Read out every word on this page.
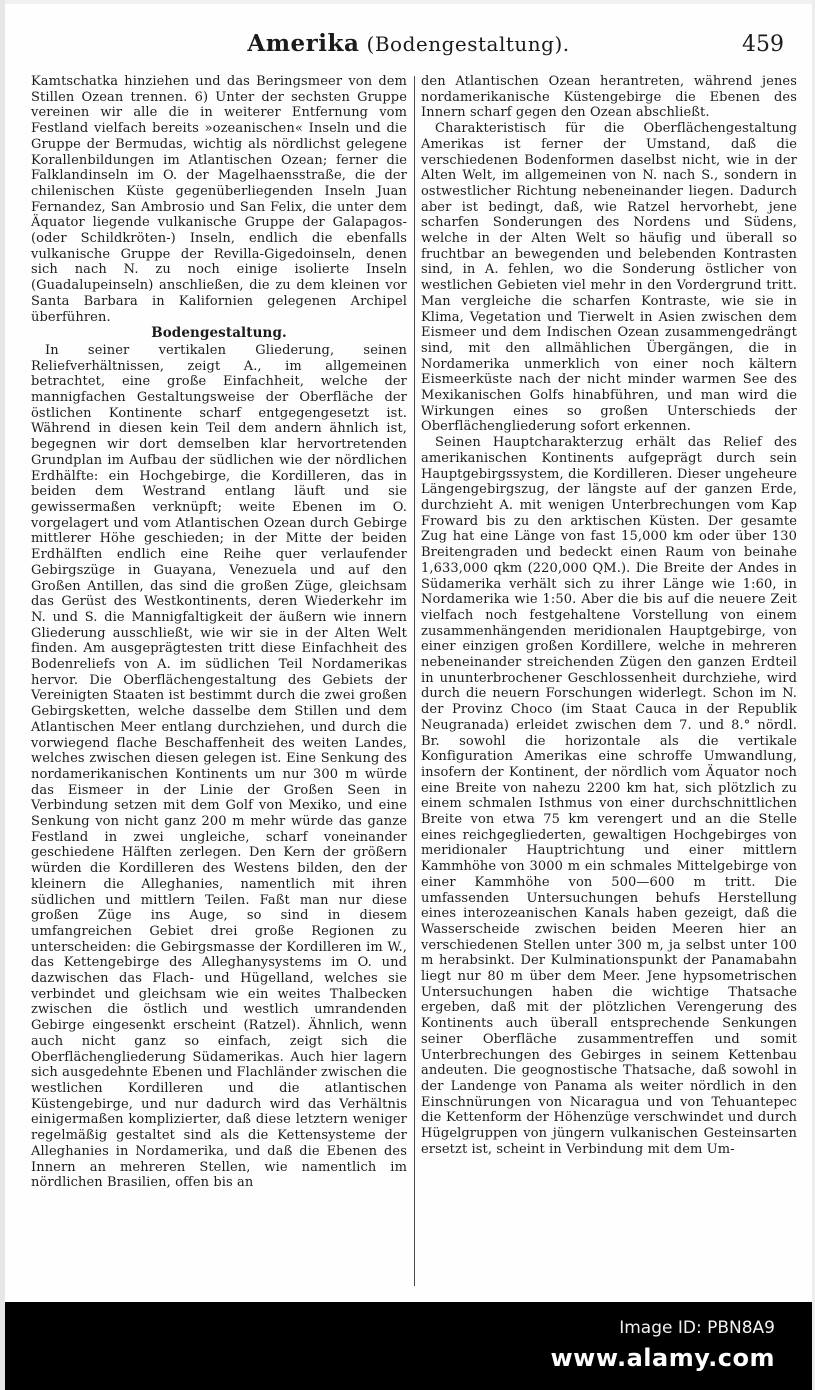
Amerika (Bodengestaltung).	459

Kamtschatka hinziehen und das Beringsmeer von dem Stillen Ozean trennen. 6) Unter der sechsten Gruppe vereinen wir alle die in weiterer Entfernung vom Festland vielfach bereits »ozeanischen« Inseln und die Gruppe der Bermudas, wichtig als nördlichst gelegene Korallenbildungen im Atlantischen Ozean; ferner die Falklandinseln im O. der Magelhaensstraße, die der chilenischen Küste gegenüberliegenden Inseln Juan Fernandez, San Ambrosio und San Felix, die unter dem Äquator liegende vulkanische Gruppe der Galapagos- (oder Schildkröten-) Inseln, endlich die ebenfalls vulkanische Gruppe der Revilla-Gigedoinseln, denen sich nach N. zu noch einige isolierte Inseln (Guadalupeinseln) anschließen, die zu dem kleinen vor Santa Barbara in Kalifornien gelegenen Archipel überführen.

Bodengestaltung.

In seiner vertikalen Gliederung, seinen Reliefverhältnissen, zeigt A., im allgemeinen betrachtet, eine große Einfachheit, welche der mannigfachen Gestaltungsweise der Oberfläche der östlichen Kontinente scharf entgegengesetzt ist. Während in diesen kein Teil dem andern ähnlich ist, begegnen wir dort demselben klar hervortretenden Grundplan im Aufbau der südlichen wie der nördlichen Erdhälfte: ein Hochgebirge, die Kordilleren, das in beiden dem Westrand entlang läuft und sie gewissermaßen verknüpft; weite Ebenen im O. vorgelagert und vom Atlantischen Ozean durch Gebirge mittlerer Höhe geschieden; in der Mitte der beiden Erdhälften endlich eine Reihe quer verlaufender Gebirgszüge in Guayana, Venezuela und auf den Großen Antillen, das sind die großen Züge, gleichsam das Gerüst des Westkontinents, deren Wiederkehr im N. und S. die Mannigfaltigkeit der äußern wie innern Gliederung ausschließt, wie wir sie in der Alten Welt finden. Am ausgeprägtesten tritt diese Einfachheit des Bodenreliefs von A. im südlichen Teil Nordamerikas hervor. Die Oberflächengestaltung des Gebiets der Vereinigten Staaten ist bestimmt durch die zwei großen Gebirgsketten, welche dasselbe dem Stillen und dem Atlantischen Meer entlang durchziehen, und durch die vorwiegend flache Beschaffenheit des weiten Landes, welches zwischen diesen gelegen ist. Eine Senkung des nordamerikanischen Kontinents um nur 300 m würde das Eismeer in der Linie der Großen Seen in Verbindung setzen mit dem Golf von Mexiko, und eine Senkung von nicht ganz 200 m mehr würde das ganze Festland in zwei ungleiche, scharf voneinander geschiedene Hälften zerlegen. Den Kern der größern würden die Kordilleren des Westens bilden, den der kleinern die Alleghanies, namentlich mit ihren südlichen und mittlern Teilen. Faßt man nur diese großen Züge ins Auge, so sind in diesem umfangreichen Gebiet drei große Regionen zu unterscheiden: die Gebirgsmasse der Kordilleren im W., das Kettengebirge des Alleghanysystems im O. und dazwischen das Flach- und Hügelland, welches sie verbindet und gleichsam wie ein weites Thalbecken zwischen die östlich und westlich umrandenden Gebirge eingesenkt erscheint (Ratzel). Ähnlich, wenn auch nicht ganz so einfach, zeigt sich die Oberflächengliederung Südamerikas. Auch hier lagern sich ausgedehnte Ebenen und Flachländer zwischen die westlichen Kordilleren und die atlantischen Küstengebirge, und nur dadurch wird das Verhältnis einigermaßen komplizierter, daß diese letztern weniger regelmäßig gestaltet sind als die Kettensysteme der Alleghanies in Nordamerika, und daß die Ebenen des Innern an mehreren Stellen, wie namentlich im nördlichen Brasilien, offen bis an

den Atlantischen Ozean herantreten, während jenes nordamerikanische Küstengebirge die Ebenen des Innern scharf gegen den Ozean abschließt.

Charakteristisch für die Oberflächengestaltung Amerikas ist ferner der Umstand, daß die verschiedenen Bodenformen daselbst nicht, wie in der Alten Welt, im allgemeinen von N. nach S., sondern in ostwestlicher Richtung nebeneinander liegen. Dadurch aber ist bedingt, daß, wie Ratzel hervorhebt, jene scharfen Sonderungen des Nordens und Südens, welche in der Alten Welt so häufig und überall so fruchtbar an bewegenden und belebenden Kontrasten sind, in A. fehlen, wo die Sonderung östlicher von westlichen Gebieten viel mehr in den Vordergrund tritt. Man vergleiche die scharfen Kontraste, wie sie in Klima, Vegetation und Tierwelt in Asien zwischen dem Eismeer und dem Indischen Ozean zusammengedrängt sind, mit den allmählichen Übergängen, die in Nordamerika unmerklich von einer noch kältern Eismeerküste nach der nicht minder warmen See des Mexikanischen Golfs hinabführen, und man wird die Wirkungen eines so großen Unterschieds der Oberflächengliederung sofort erkennen.

Seinen Hauptcharakterzug erhält das Relief des amerikanischen Kontinents aufgeprägt durch sein Hauptgebirgssystem, die Kordilleren. Dieser ungeheure Längengebirgszug, der längste auf der ganzen Erde, durchzieht A. mit wenigen Unterbrechungen vom Kap Froward bis zu den arktischen Küsten. Der gesamte Zug hat eine Länge von fast 15,000 km oder über 130 Breitengraden und bedeckt einen Raum von beinahe 1,633,000 qkm (220,000 QM.). Die Breite der Andes in Südamerika verhält sich zu ihrer Länge wie 1:60, in Nordamerika wie 1:50. Aber die bis auf die neuere Zeit vielfach noch festgehaltene Vorstellung von einem zusammenhängenden meridionalen Hauptgebirge, von einer einzigen großen Kordillere, welche in mehreren nebeneinander streichenden Zügen den ganzen Erdteil in ununterbrochener Geschlossenheit durchziehe, wird durch die neuern Forschungen widerlegt. Schon im N. der Provinz Choco (im Staat Cauca in der Republik Neugranada) erleidet zwischen dem 7. und 8.° nördl. Br. sowohl die horizontale als die vertikale Konfiguration Amerikas eine schroffe Umwandlung, insofern der Kontinent, der nördlich vom Äquator noch eine Breite von nahezu 2200 km hat, sich plötzlich zu einem schmalen Isthmus von einer durchschnittlichen Breite von etwa 75 km verengert und an die Stelle eines reichgegliederten, gewaltigen Hochgebirges von meridionaler Hauptrichtung und einer mittlern Kammhöhe von 3000 m ein schmales Mittelgebirge von einer Kammhöhe von 500—600 m tritt. Die umfassenden Untersuchungen behufs Herstellung eines interozeanischen Kanals haben gezeigt, daß die Wasserscheide zwischen beiden Meeren hier an verschiedenen Stellen unter 300 m, ja selbst unter 100 m herabsinkt. Der Kulminationspunkt der Panamabahn liegt nur 80 m über dem Meer. Jene hypsometrischen Untersuchungen haben die wichtige Thatsache ergeben, daß mit der plötzlichen Verengerung des Kontinents auch überall entsprechende Senkungen seiner Oberfläche zusammentreffen und somit Unterbrechungen des Gebirges in seinem Kettenbau andeuten. Die geognostische Thatsache, daß sowohl in der Landenge von Panama als weiter nördlich in den Einschnürungen von Nicaragua und von Tehuantepec die Kettenform der Höhenzüge verschwindet und durch Hügelgruppen von jüngern vulkanischen Gesteinsarten ersetzt ist, scheint in Verbindung mit dem Um-

Image ID: PBN8A9
www.alamy.com
